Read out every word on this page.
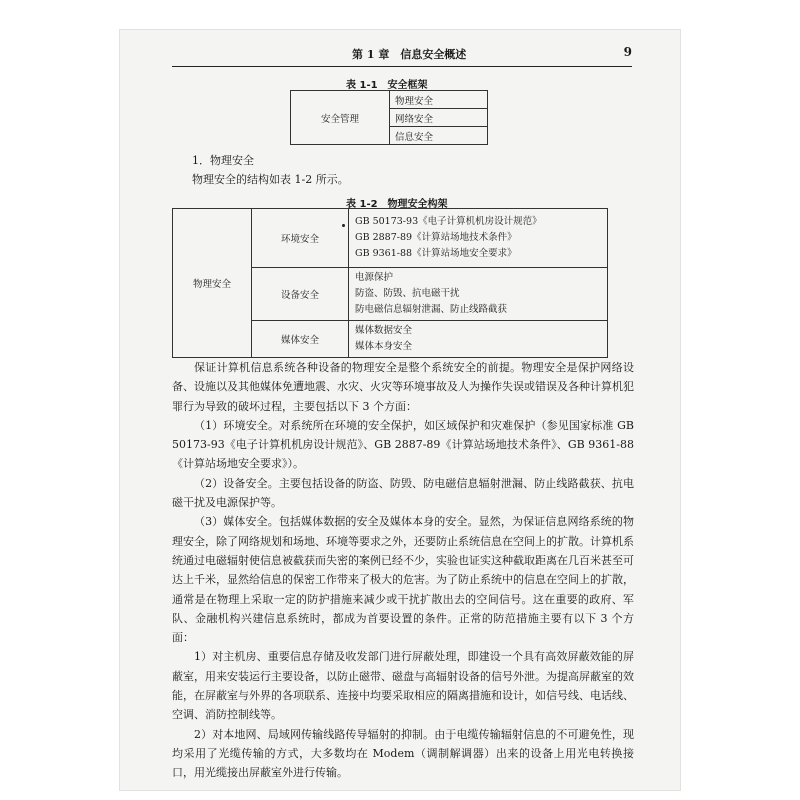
第 1 章　信息安全概述	9
表 1-1　安全框架
安全管理	物理安全
网络安全
信息安全
1．物理安全
物理安全的结构如表 1-2 所示。
表 1-2　物理安全构架
物理安全	环境安全	GB 50173-93《电子计算机机房设计规范》
GB 2887-89《计算站场地技术条件》
GB 9361-88《计算站场地安全要求》

	设备安全	电源保护
防盗、防毁、抗电磁干扰
防电磁信息辐射泄漏、防止线路截获

	媒体安全	媒体数据安全
媒体本身安全

保证计算机信息系统各种设备的物理安全是整个系统安全的前提。物理安全是保护网络设备、设施以及其他媒体免遭地震、水灾、火灾等环境事故及人为操作失误或错误及各种计算机犯罪行为导致的破坏过程，主要包括以下 3 个方面：

（1）环境安全。对系统所在环境的安全保护，如区域保护和灾难保护（参见国家标准 GB 50173-93《电子计算机机房设计规范》、GB 2887-89《计算站场地技术条件》、GB 9361-88《计算站场地安全要求》）。

（2）设备安全。主要包括设备的防盗、防毁、防电磁信息辐射泄漏、防止线路截获、抗电磁干扰及电源保护等。

（3）媒体安全。包括媒体数据的安全及媒体本身的安全。显然，为保证信息网络系统的物理安全，除了网络规划和场地、环境等要求之外，还要防止系统信息在空间上的扩散。计算机系统通过电磁辐射使信息被截获而失密的案例已经不少，实验也证实这种截取距离在几百米甚至可达上千米，显然给信息的保密工作带来了极大的危害。为了防止系统中的信息在空间上的扩散，通常是在物理上采取一定的防护措施来减少或干扰扩散出去的空间信号。这在重要的政府、军队、金融机构兴建信息系统时，都成为首要设置的条件。正常的防范措施主要有以下 3 个方面：

1）对主机房、重要信息存储及收发部门进行屏蔽处理，即建设一个具有高效屏蔽效能的屏蔽室，用来安装运行主要设备，以防止磁带、磁盘与高辐射设备的信号外泄。为提高屏蔽室的效能，在屏蔽室与外界的各项联系、连接中均要采取相应的隔离措施和设计，如信号线、电话线、空调、消防控制线等。

2）对本地网、局域网传输线路传导辐射的抑制。由于电缆传输辐射信息的不可避免性，现均采用了光缆传输的方式，大多数均在 Modem（调制解调器）出来的设备上用光电转换接口，用光缆接出屏蔽室外进行传输。
